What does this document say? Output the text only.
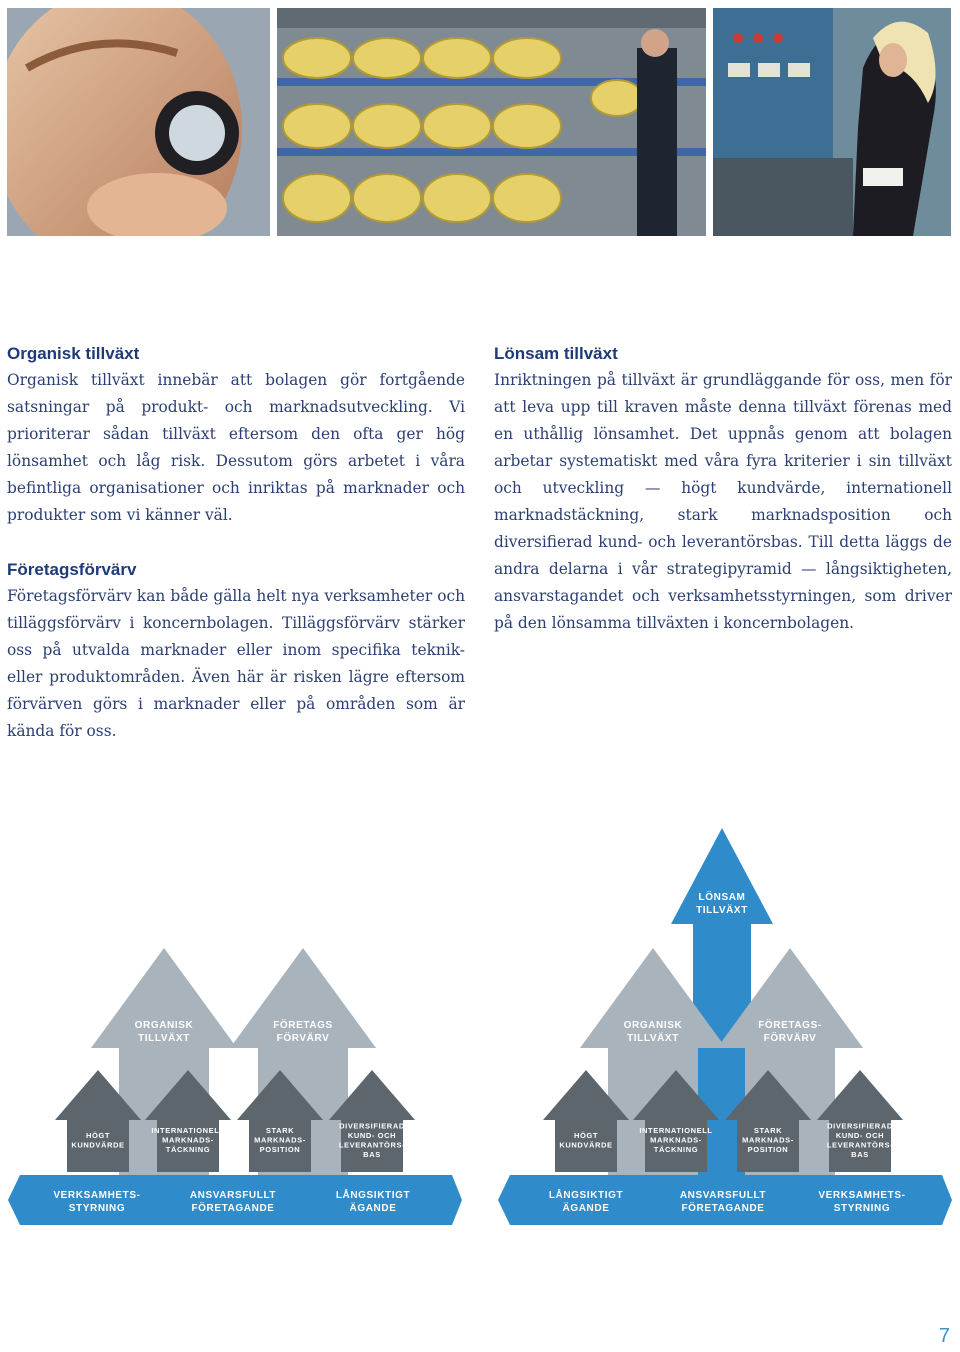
Organisk tillväxt

Organisk tillväxt innebär att bolagen gör fortgående satsningar på produkt- och marknadsutveckling. Vi prioriterar sådan tillväxt eftersom den ofta ger hög lönsamhet och låg risk. Dessutom görs arbetet i våra befintliga organisationer och inriktas på marknader och produkter som vi känner väl.

Företagsförvärv

Företagsförvärv kan både gälla helt nya verksamheter och tilläggsförvärv i koncernbolagen. Tilläggsförvärv stärker oss på utvalda marknader eller inom specifika teknik- eller produktområden. Även här är risken lägre eftersom förvärven görs i marknader eller på områden som är kända för oss.

Lönsam tillväxt

Inriktningen på tillväxt är grundläggande för oss, men för att leva upp till kraven måste denna tillväxt förenas med en uthållig lönsamhet. Det uppnås genom att bolagen arbetar systematiskt med våra fyra kriterier i sin tillväxt och utveckling — högt kundvärde, internationell marknadstäckning, stark marknadsposition och diversifierad kund- och leverantörsbas. Till detta läggs de andra delarna i vår strategipyramid — långsiktigheten, ansvarstagandet och verksamhetsstyrningen, som driver på den lönsamma tillväxten i koncernbolagen.

ORGANISK TILLVÄXT
FÖRETAGS FÖRVÄRV
HÖGT KUNDVÄRDE
INTERNATIONELL MARKNADS-TÄCKNING
STARK MARKNADS-POSITION
DIVERSIFIERAD KUND- OCH LEVERANTÖRS-BAS
VERKSAMHETS-STYRNING
ANSVARSFULLT FÖRETAGANDE
LÅNGSIKTIGT ÄGANDE
ORGANISK TILLVÄXT
FÖRETAGS-FÖRVÄRV
HÖGT KUNDVÄRDE
INTERNATIONELL MARKNADS-TÄCKNING
STARK MARKNADS-POSITION
DIVERSIFIERAD KUND- OCH LEVERANTÖRS-BAS
LÅNGSIKTIGT ÄGANDE
ANSVARSFULLT FÖRETAGANDE
VERKSAMHETS-STYRNING
LÖNSAM TILLVÄXT
7
